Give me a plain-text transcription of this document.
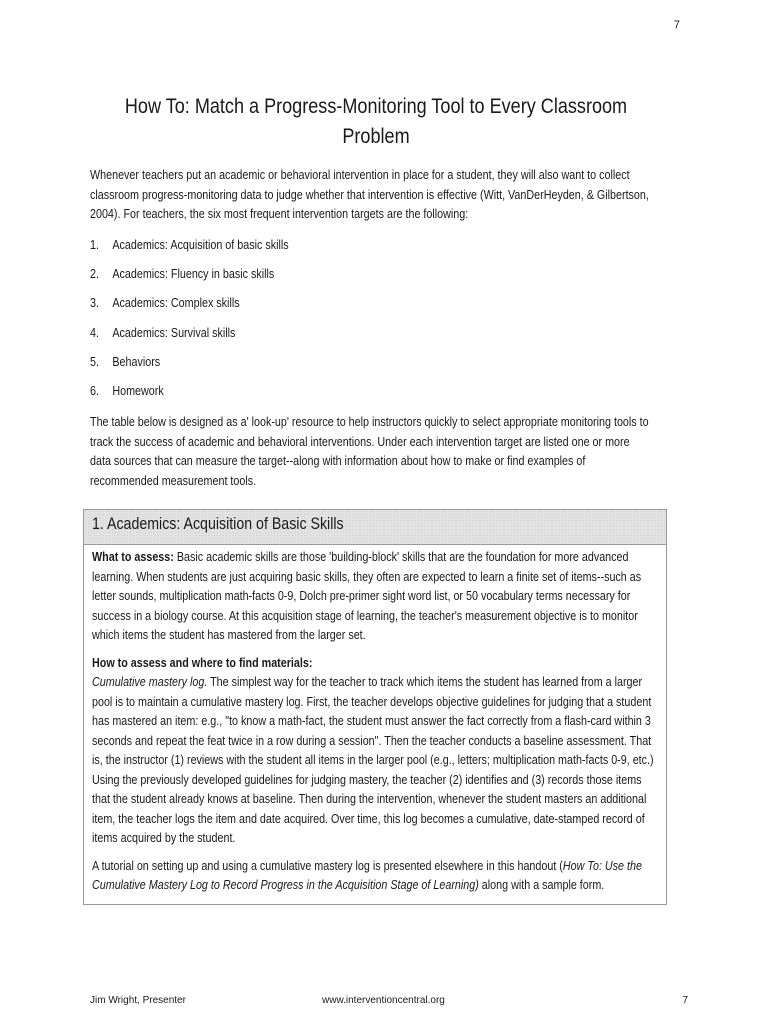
7
How To: Match a Progress-Monitoring Tool to Every Classroom Problem

Whenever teachers put an academic or behavioral intervention in place for a student, they will also want to collect classroom progress-monitoring data to judge whether that intervention is effective (Witt, VanDerHeyden, & Gilbertson, 2004). For teachers, the six most frequent intervention targets are the following:

1.	Academics: Acquisition of basic skills
2.	Academics: Fluency in basic skills
3.	Academics: Complex skills
4.	Academics: Survival skills
5.	Behaviors
6.	Homework

The table below is designed as a' look-up' resource to help instructors quickly to select appropriate monitoring tools to track the success of academic and behavioral interventions. Under each intervention target are listed one or more data sources that can measure the target--along with information about how to make or find examples of recommended measurement tools.

1. Academics: Acquisition of Basic Skills

What to assess: Basic academic skills are those 'building-block' skills that are the foundation for more advanced learning. When students are just acquiring basic skills, they often are expected to learn a finite set of items--such as letter sounds, multiplication math-facts 0-9, Dolch pre-primer sight word list, or 50 vocabulary terms necessary for success in a biology course. At this acquisition stage of learning, the teacher's measurement objective is to monitor which items the student has mastered from the larger set.

How to assess and where to find materials:
Cumulative mastery log. The simplest way for the teacher to track which items the student has learned from a larger pool is to maintain a cumulative mastery log. First, the teacher develops objective guidelines for judging that a student has mastered an item: e.g., "to know a math-fact, the student must answer the fact correctly from a flash-card within 3 seconds and repeat the feat twice in a row during a session". Then the teacher conducts a baseline assessment. That is, the instructor (1) reviews with the student all items in the larger pool (e.g., letters; multiplication math-facts 0-9, etc.) Using the previously developed guidelines for judging mastery, the teacher (2) identifies and (3) records those items that the student already knows at baseline. Then during the intervention, whenever the student masters an additional item, the teacher logs the item and date acquired. Over time, this log becomes a cumulative, date-stamped record of items acquired by the student.

A tutorial on setting up and using a cumulative mastery log is presented elsewhere in this handout (How To: Use the Cumulative Mastery Log to Record Progress in the Acquisition Stage of Learning) along with a sample form.

Jim Wright, Presenter	www.interventioncentral.org	7
